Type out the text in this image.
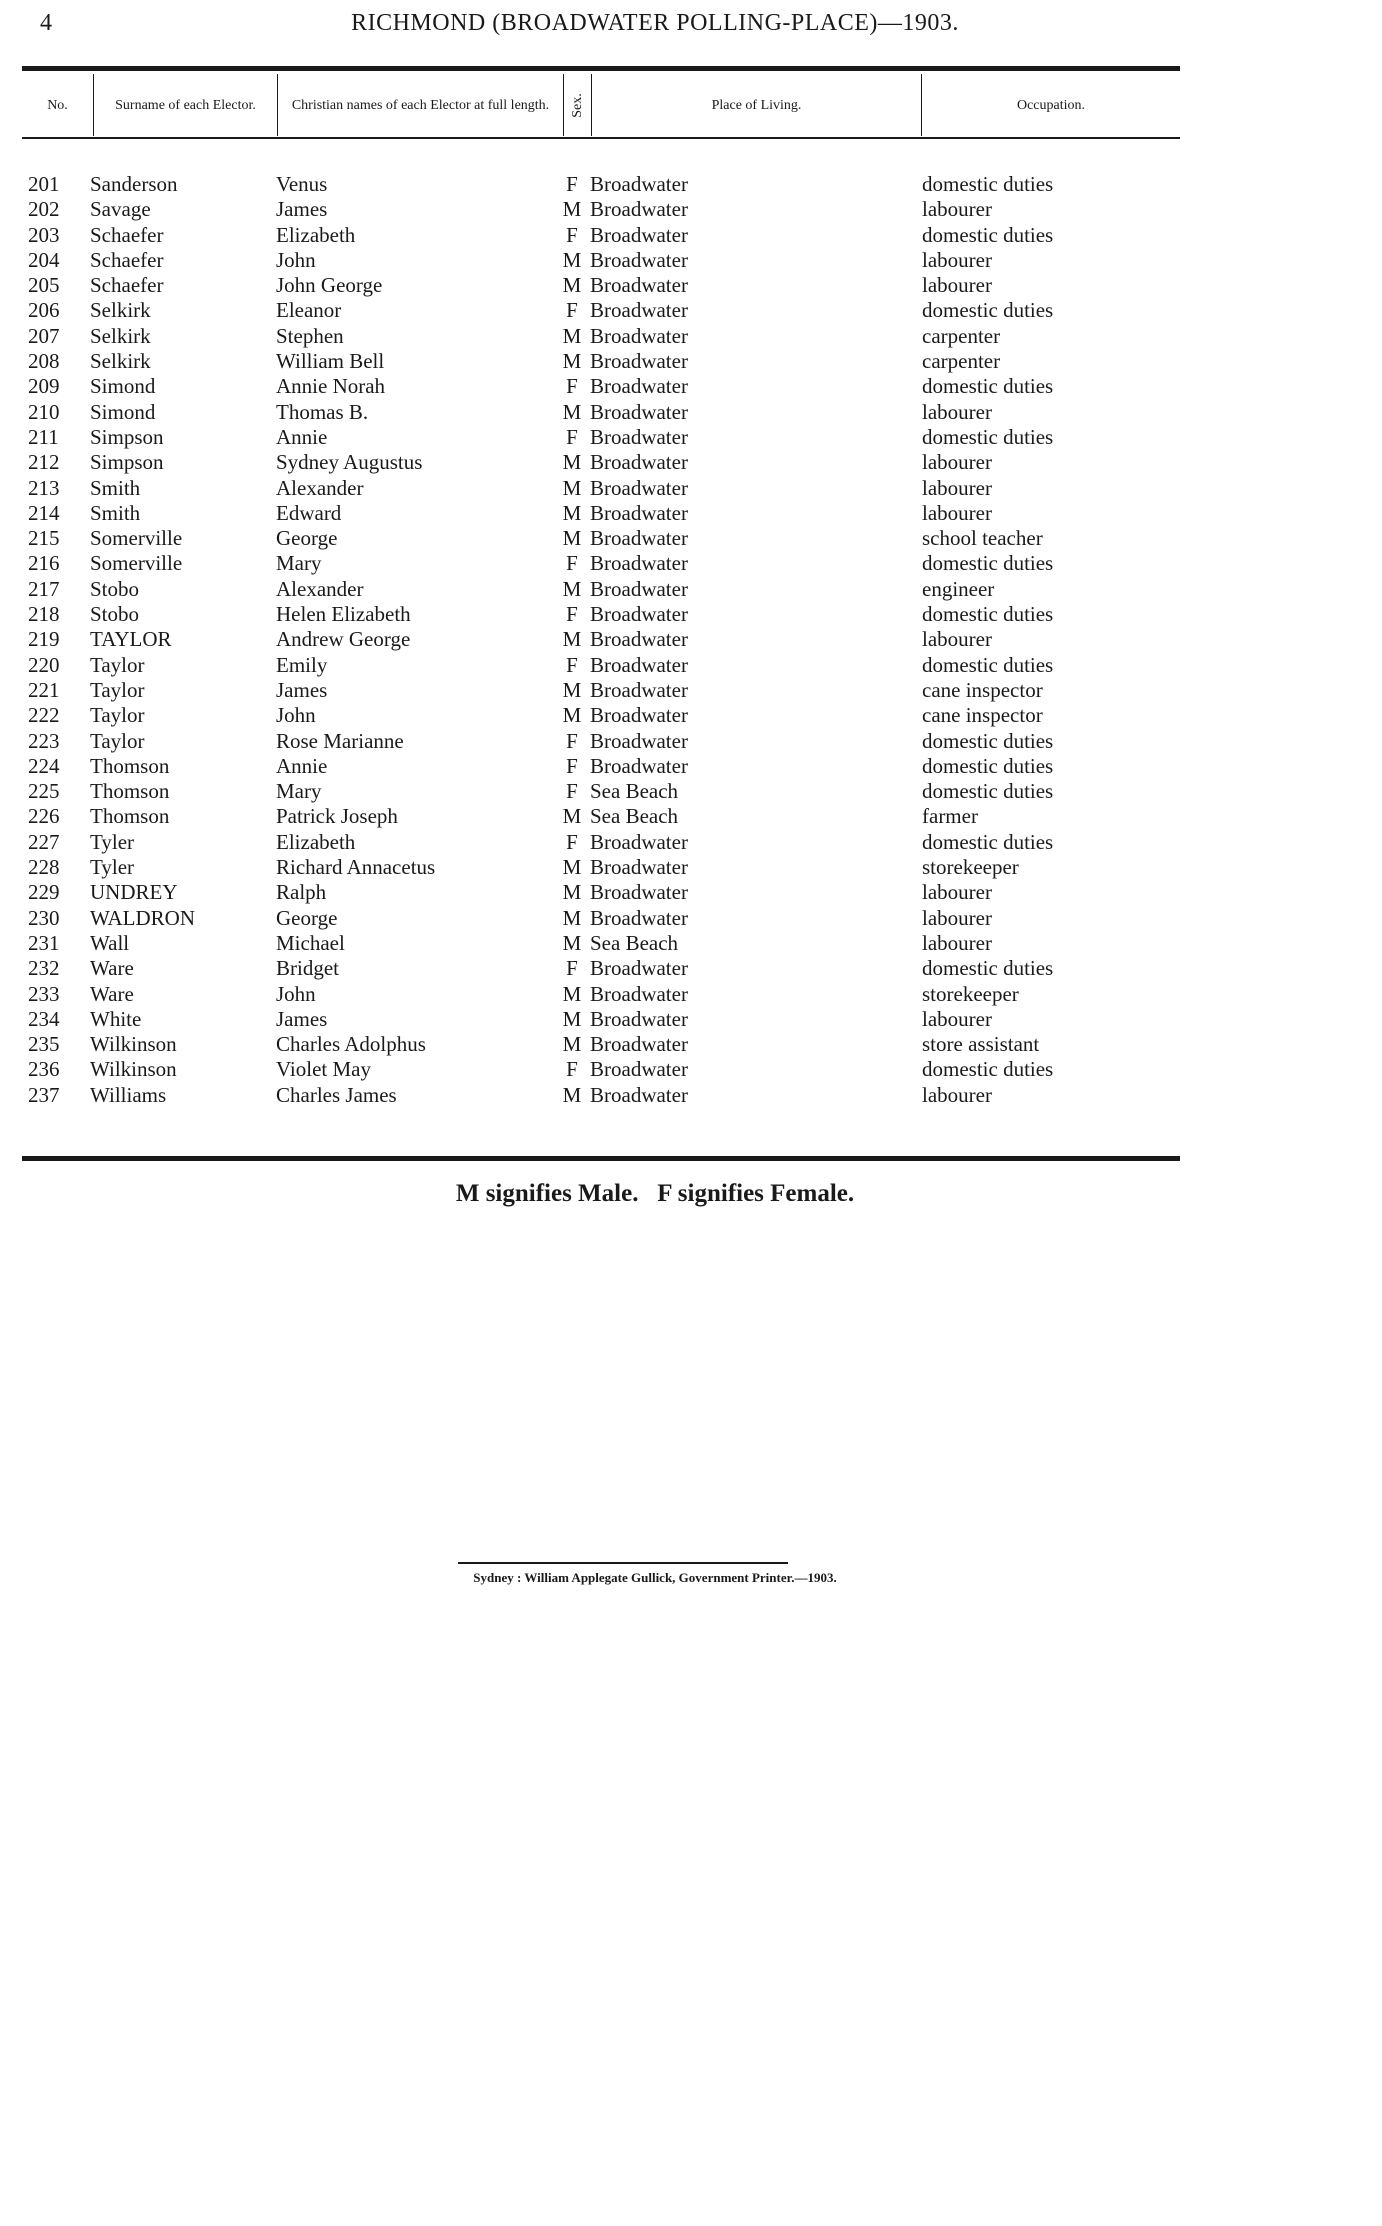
4	RICHMOND (BROADWATER POLLING-PLACE)—1903.
No.	Surname of each Elector.	Christian names of each Elector at full length. Sex.	Place of Living.	Occupation.
201 Sanderson	Venus	F Broadwater	domestic duties
202 Savage	James	M Broadwater	labourer
203 Schaefer	Elizabeth	F Broadwater	domestic duties
204 Schaefer	John	M Broadwater	labourer
205 Schaefer	John George	M Broadwater	labourer
206 Selkirk	Eleanor	F Broadwater	domestic duties
207 Selkirk	Stephen	M Broadwater	carpenter
208 Selkirk	William Bell	M Broadwater	carpenter
209 Simond	Annie Norah	F Broadwater	domestic duties
210 Simond	Thomas B.	M Broadwater	labourer
211 Simpson	Annie	F Broadwater	domestic duties
212 Simpson	Sydney Augustus	M Broadwater	labourer
213 Smith	Alexander	M Broadwater	labourer
214 Smith	Edward	M Broadwater	labourer
215 Somerville	George	M Broadwater	school teacher
216 Somerville	Mary	F Broadwater	domestic duties
217 Stobo	Alexander	M Broadwater	engineer
218 Stobo	Helen Elizabeth	F Broadwater	domestic duties
219 TAYLOR	Andrew George	M Broadwater	labourer
220 Taylor	Emily	F Broadwater	domestic duties
221 Taylor	James	M Broadwater	cane inspector
222 Taylor	John	M Broadwater	cane inspector
223 Taylor	Rose Marianne	F Broadwater	domestic duties
224 Thomson	Annie	F Broadwater	domestic duties
225 Thomson	Mary	F Sea Beach	domestic duties
226 Thomson	Patrick Joseph	M Sea Beach	farmer
227 Tyler	Elizabeth	F Broadwater	domestic duties
228 Tyler	Richard Annacetus	M Broadwater	storekeeper
229 UNDREY	Ralph	M Broadwater	labourer
230 WALDRON	George	M Broadwater	labourer
231 Wall	Michael	M Sea Beach	labourer
232 Ware	Bridget	F Broadwater	domestic duties
233 Ware	John	M Broadwater	storekeeper
234 White	James	M Broadwater	labourer
235 Wilkinson	Charles Adolphus	M Broadwater	store assistant
236 Wilkinson	Violet May	F Broadwater	domestic duties
237 Williams	Charles James	M Broadwater	labourer
M signifies Male.   F signifies Female.
Sydney : William Applegate Gullick, Government Printer.—1903.
